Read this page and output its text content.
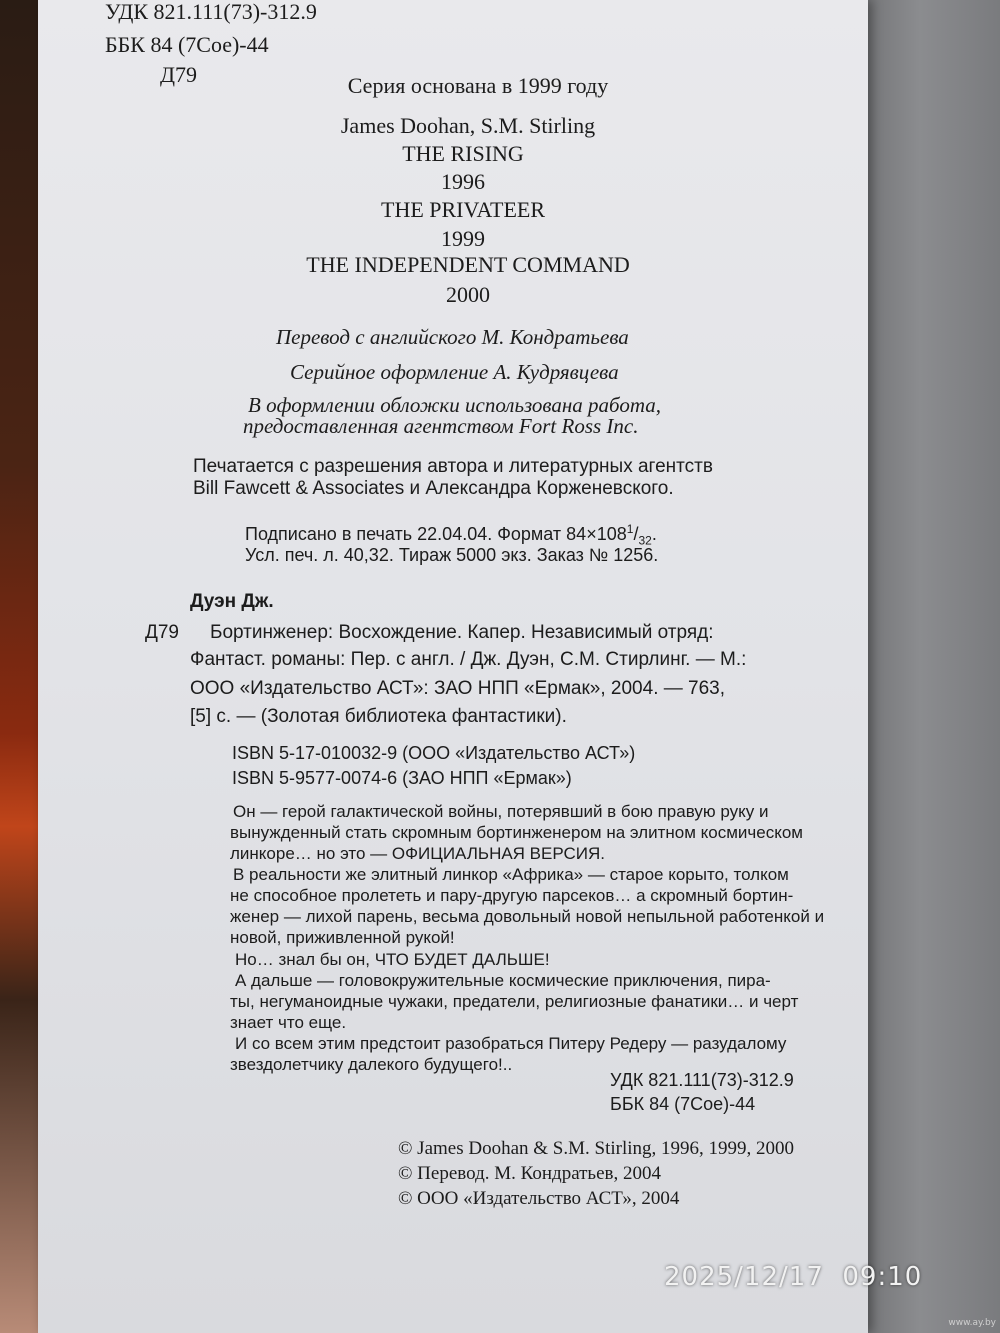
УДК 821.111(73)-312.9
ББК 84 (7Сое)-44
Д79	Серия основана в 1999 году
James Doohan, S.M. Stirling
THE RISING
1996
THE PRIVATEER
1999
THE INDEPENDENT COMMAND
2000
Перевод с английского М. Кондратьева
Серийное оформление А. Кудрявцева
В оформлении обложки использована работа,
предоставленная агентством Fort Ross Inc.
Печатается с разрешения автора и литературных агентств
Bill Fawcett & Associates и Александра Корженевского.
Подписано в печать 22.04.04. Формат $84\times 108^1/_{32}$.
Усл. печ. л. 40,32. Тираж 5000 экз. Заказ № 1256.
Дуэн Дж.
Д79 Бортинженер: Восхождение. Капер. Независимый отряд:
Фантаст. романы: Пер. с англ. / Дж. Дуэн, С.М. Стирлинг. — М.:
ООО «Издательство АСТ»: ЗАО НПП «Ермак», 2004. — 763,
[5] с. — (Золотая библиотека фантастики).
ISBN 5-17-010032-9 (ООО «Издательство АСТ»)
ISBN 5-9577-0074-6 (ЗАО НПП «Ермак»)
Он — герой галактической войны, потерявший в бою правую руку и
вынужденный стать скромным бортинженером на элитном космическом
линкоре… но это — ОФИЦИАЛЬНАЯ ВЕРСИЯ.
В реальности же элитный линкор «Африка» — старое корыто, толком
не способное пролететь и пару-другую парсеков… а скромный бортин-
женер — лихой парень, весьма довольный новой непыльной работенкой и
новой, приживленной рукой!
Но… знал бы он, ЧТО БУДЕТ ДАЛЬШЕ!
А дальше — головокружительные космические приключения, пира-
ты, негуманоидные чужаки, предатели, религиозные фанатики… и черт
знает что еще.
И со всем этим предстоит разобраться Питеру Редеру — разудалому
звездолетчику далекого будущего!..
УДК 821.111(73)-312.9
ББК 84 (7Сое)-44
© James Doohan & S.M. Stirling, 1996, 1999, 2000
© Перевод. М. Кондратьев, 2004
© ООО «Издательство АСТ», 2004
2025/12/17  09:10
www.ay.by
